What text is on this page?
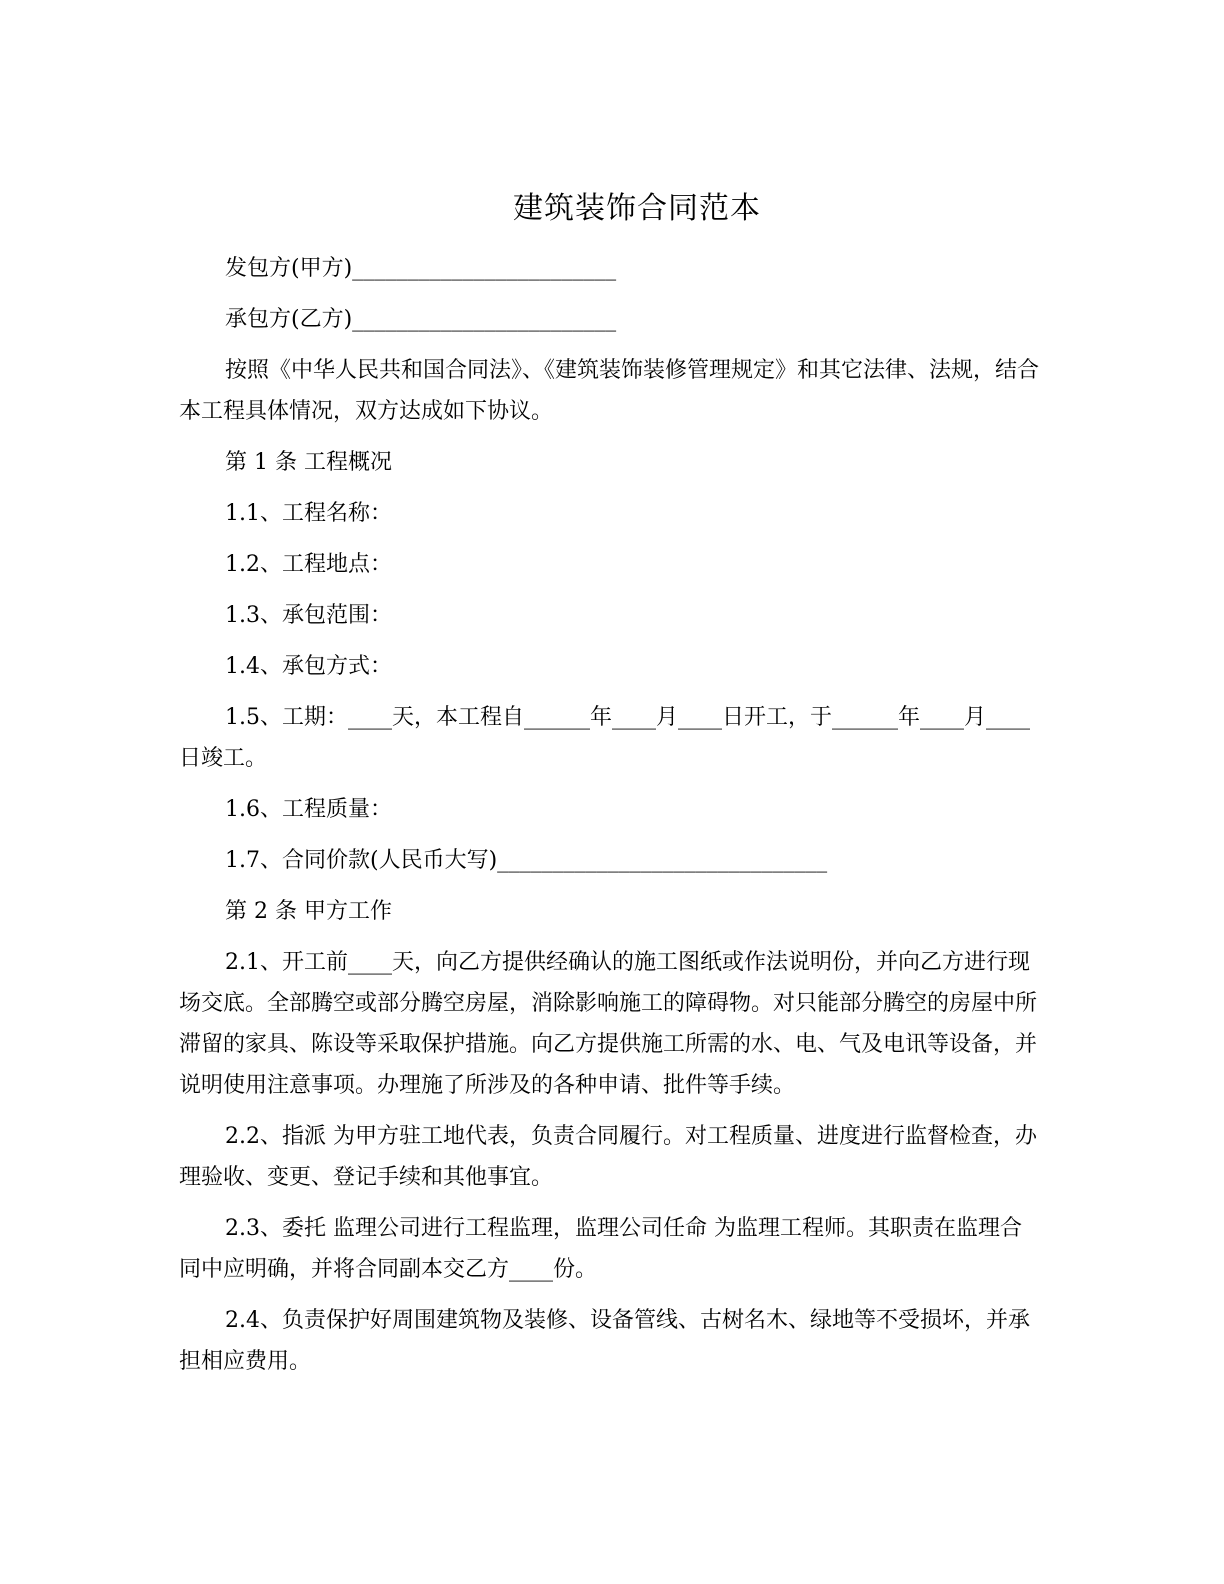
建筑装饰合同范本

发包方(甲方)________________________

承包方(乙方)________________________

按照《中华人民共和国合同法》、《建筑装饰装修管理规定》和其它法律、法规，结合本工程具体情况，双方达成如下协议。

第 1 条 工程概况

1.1、工程名称：

1.2、工程地点：

1.3、承包范围：

1.4、承包方式：

1.5、工期：____天，本工程自______年____月____日开工，于______年____月____日竣工。

1.6、工程质量：

1.7、合同价款(人民币大写)______________________________

第 2 条 甲方工作

2.1、开工前____天，向乙方提供经确认的施工图纸或作法说明份，并向乙方进行现场交底。全部腾空或部分腾空房屋，消除影响施工的障碍物。对只能部分腾空的房屋中所滞留的家具、陈设等采取保护措施。向乙方提供施工所需的水、电、气及电讯等设备，并说明使用注意事项。办理施了所涉及的各种申请、批件等手续。

2.2、指派 为甲方驻工地代表，负责合同履行。对工程质量、进度进行监督检查，办理验收、变更、登记手续和其他事宜。

2.3、委托 监理公司进行工程监理，监理公司任命 为监理工程师。其职责在监理合同中应明确，并将合同副本交乙方____份。

2.4、负责保护好周围建筑物及装修、设备管线、古树名木、绿地等不受损坏，并承担相应费用。
